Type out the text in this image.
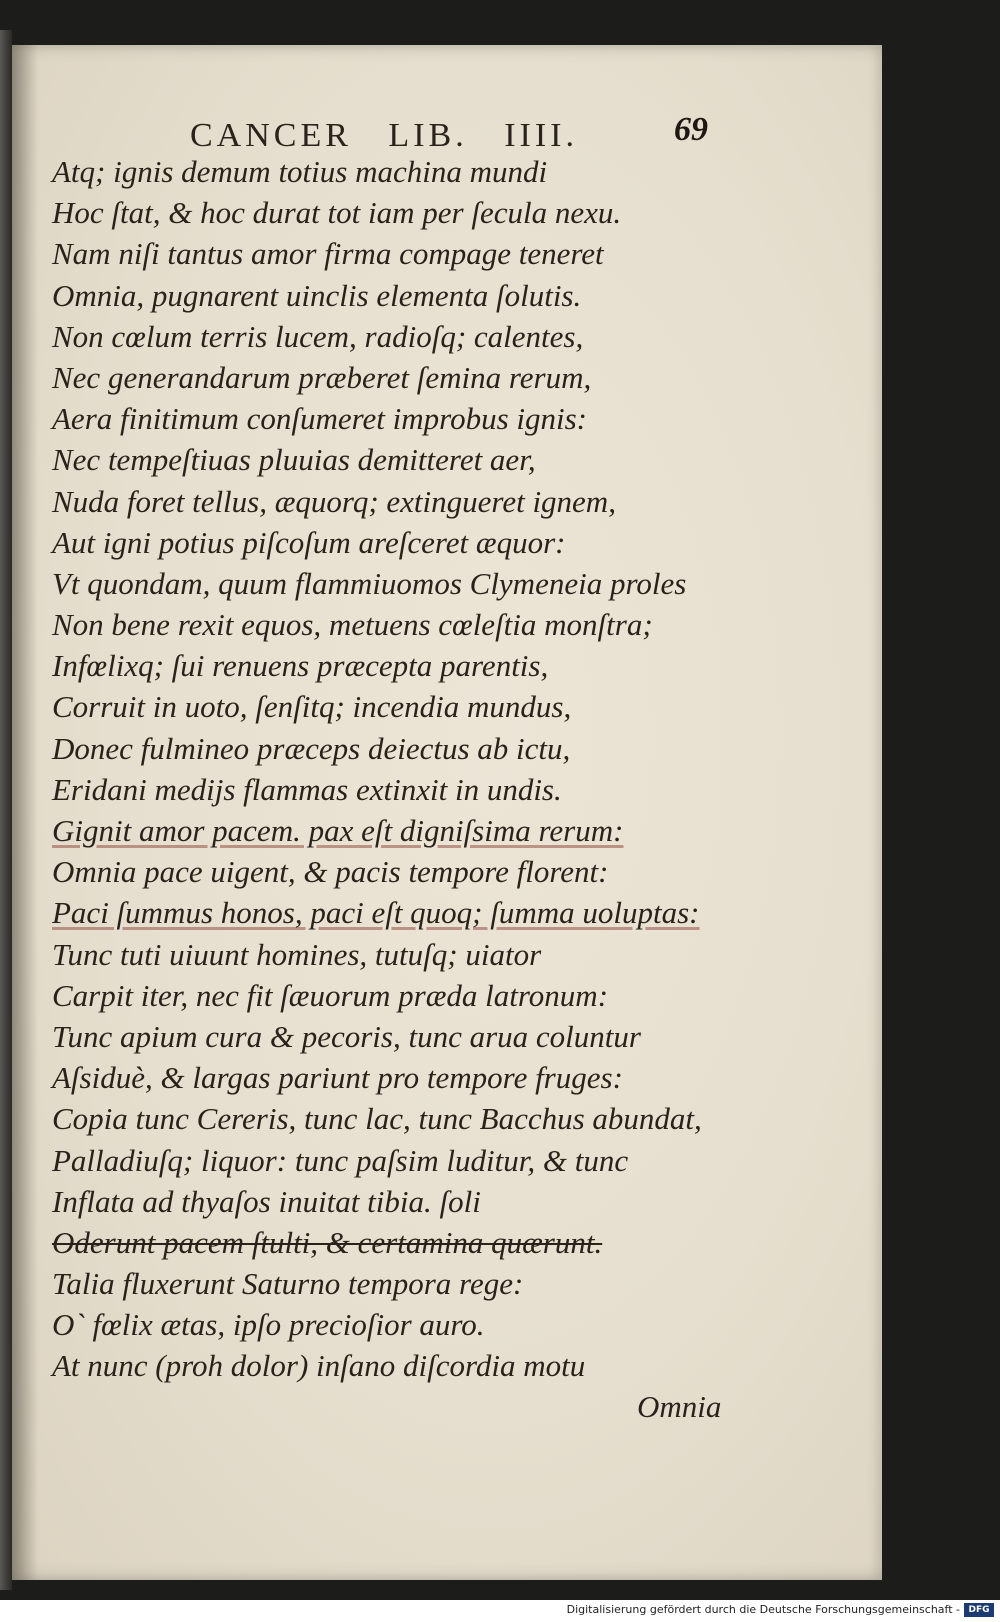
CANCER LIB. IIII.	69
Atq; ignis demum totius machina mundi
Hoc ſtat, & hoc durat tot iam per ſecula nexu.
Nam niſi tantus amor firma compage teneret
Omnia, pugnarent uinclis elementa ſolutis.
Non cœlum terris lucem, radioſq; calentes,
Nec generandarum præberet ſemina rerum,
Aera finitimum conſumeret improbus ignis:
Nec tempeſtiuas pluuias demitteret aer,
Nuda foret tellus, æquorq; extingueret ignem,
Aut igni potius piſcoſum areſceret æquor:
Vt quondam, quum flammiuomos Clymeneia proles
Non bene rexit equos, metuens cœleſtia monſtra;
Infœlixq; ſui renuens præcepta parentis,
Corruit in uoto, ſenſitq; incendia mundus,
Donec fulmineo præceps deiectus ab ictu,
Eridani medijs flammas extinxit in undis.
Gignit amor pacem. pax eſt digniſsima rerum:
Omnia pace uigent, & pacis tempore florent:
Paci ſummus honos, paci eſt quoq; ſumma uoluptas:
Tunc tuti uiuunt homines, tutuſq; uiator
Carpit iter, nec fit ſæuorum præda latronum:
Tunc apium cura & pecoris, tunc arua coluntur
Aſsiduè, & largas pariunt pro tempore fruges:
Copia tunc Cereris, tunc lac, tunc Bacchus abundat,
Palladiuſq; liquor: tunc paſsim luditur, & tunc
Inflata ad thyaſos inuitat tibia. ſoli
Oderunt pacem ſtulti, & certamina quærunt.
Talia fluxerunt Saturno tempora rege:
O` fœlix ætas, ipſo precioſior auro.
At nunc (proh dolor) inſano diſcordia motu
Omnia
Digitalisierung gefördert durch die Deutsche Forschungsgemeinschaft - DFG
